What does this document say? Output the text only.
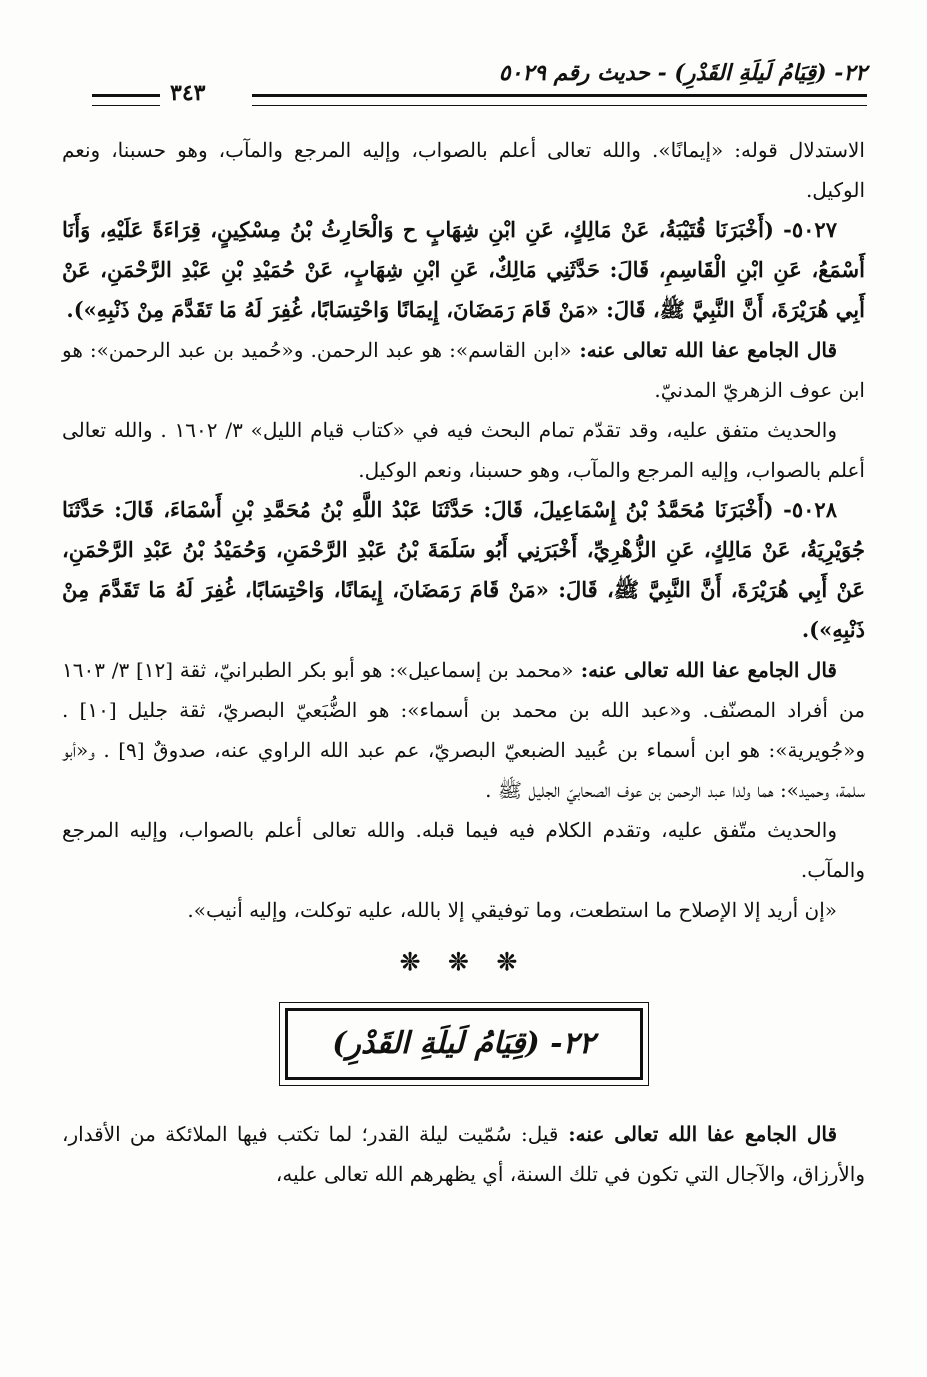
٢٢- (قِيَامُ لَيلَةِ القَدْرِ) - حديث رقم ٥٠٢٩
٣٤٣

الاستدلال قوله: «إيمانًا». والله تعالى أعلم بالصواب، وإليه المرجع والمآب، وهو حسبنا، ونعم الوكيل.

٥٠٢٧- (أَخْبَرَنَا قُتَيْبَةُ، عَنْ مَالِكٍ، عَنِ ابْنِ شِهَابٍ ح وَالْحَارِثُ بْنُ مِسْكِينٍ، قِرَاءَةً عَلَيْهِ، وَأَنَا أَسْمَعُ، عَنِ ابْنِ الْقَاسِمِ، قَالَ: حَدَّثَنِي مَالِكٌ، عَنِ ابْنِ شِهَابٍ، عَنْ حُمَيْدِ بْنِ عَبْدِ الرَّحْمَنِ، عَنْ أَبِي هُرَيْرَةَ، أَنَّ النَّبِيَّ ﷺ، قَالَ: «مَنْ قَامَ رَمَضَانَ، إِيمَانًا وَاحْتِسَابًا، غُفِرَ لَهُ مَا تَقَدَّمَ مِنْ ذَنْبِهِ»).

قال الجامع عفا الله تعالى عنه: «ابن القاسم»: هو عبد الرحمن. و«حُميد بن عبد الرحمن»: هو ابن عوف الزهريّ المدنيّ.

والحديث متفق عليه، وقد تقدّم تمام البحث فيه في «كتاب قيام الليل» ٣/ ١٦٠٢ . والله تعالى أعلم بالصواب، وإليه المرجع والمآب، وهو حسبنا، ونعم الوكيل.

٥٠٢٨- (أَخْبَرَنَا مُحَمَّدُ بْنُ إِسْمَاعِيلَ، قَالَ: حَدَّثَنَا عَبْدُ اللَّهِ بْنُ مُحَمَّدِ بْنِ أَسْمَاءَ، قَالَ: حَدَّثَنَا جُوَيْرِيَةُ، عَنْ مَالِكٍ، عَنِ الزُّهْرِيِّ، أَخْبَرَنِي أَبُو سَلَمَةَ بْنُ عَبْدِ الرَّحْمَنِ، وَحُمَيْدُ بْنُ عَبْدِ الرَّحْمَنِ، عَنْ أَبِي هُرَيْرَةَ، أَنَّ النَّبِيَّ ﷺ، قَالَ: «مَنْ قَامَ رَمَضَانَ، إِيمَانًا، وَاحْتِسَابًا، غُفِرَ لَهُ مَا تَقَدَّمَ مِنْ ذَنْبِهِ»).

قال الجامع عفا الله تعالى عنه: «محمد بن إسماعيل»: هو أبو بكر الطبرانيّ، ثقة [١٢] ٣/ ١٦٠٣ من أفراد المصنّف. و«عبد الله بن محمد بن أسماء»: هو الضُّبَعيّ البصريّ، ثقة جليل [١٠] . و«جُويرية»: هو ابن أسماء بن عُبيد الضبعيّ البصريّ، عم عبد الله الراوي عنه، صدوقٌ [٩] . و«أبو سلمة، وحميد»: هما ولدا عبد الرحمن بن عوف الصحابيّ الجليل ﷺ .

والحديث متّفق عليه، وتقدم الكلام فيه فيما قبله. والله تعالى أعلم بالصواب، وإليه المرجع والمآب.

«إن أريد إلا الإصلاح ما استطعت، وما توفيقي إلا بالله، عليه توكلت، وإليه أنيب».

❊ ❊ ❊
٢٢- (قِيَامُ لَيلَةِ القَدْرِ)

قال الجامع عفا الله تعالى عنه: قيل: سُمّيت ليلة القدر؛ لما تكتب فيها الملائكة من الأقدار، والأرزاق، والآجال التي تكون في تلك السنة، أي يظهرهم الله تعالى عليه،
